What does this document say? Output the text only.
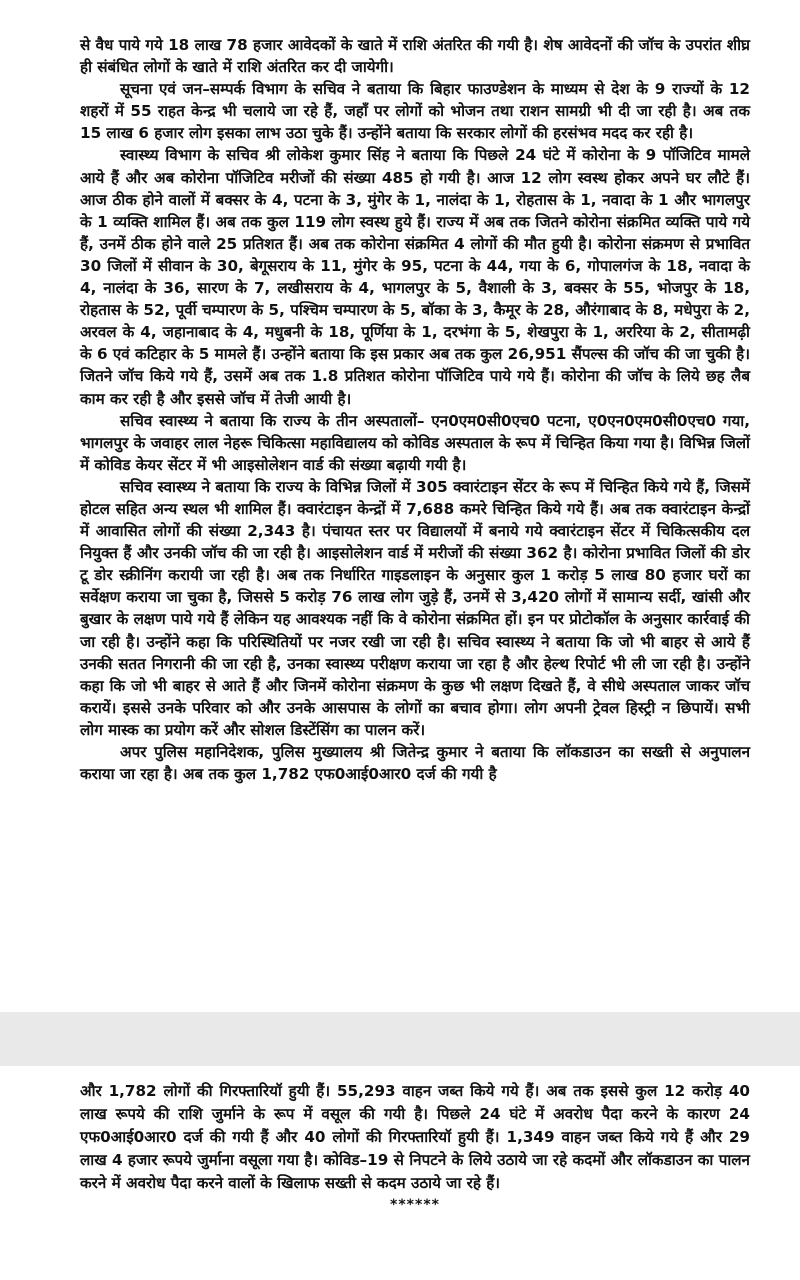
से वैध पाये गये 18 लाख 78 हजार आवेदकों के खाते में राशि अंतरित की गयी है। शेष आवेदनों की जॉच के उपरांत शीघ्र ही संबंधित लोगों के खाते में राशि अंतरित कर दी जायेगी।

सूचना एवं जन–सम्पर्क विभाग के सचिव ने बताया कि बिहार फाउण्डेशन के माध्यम से देश के 9 राज्यों के 12 शहरों में 55 राहत केन्द्र भी चलाये जा रहे हैं, जहॉं पर लोगों को भोजन तथा राशन सामग्री भी दी जा रही है। अब तक 15 लाख 6 हजार लोग इसका लाभ उठा चुके हैं। उन्होंने बताया कि सरकार लोगों की हरसंभव मदद कर रही है।

स्वास्थ्य विभाग के सचिव श्री लोकेश कुमार सिंह ने बताया कि पिछले 24 घंटे में कोरोना के 9 पॉजिटिव मामले आये हैं और अब कोरोना पॉजिटिव मरीजों की संख्या 485 हो गयी है। आज 12 लोग स्वस्थ होकर अपने घर लौटे हैं। आज ठीक होने वालों में बक्सर के 4, पटना के 3, मुंगेर के 1, नालंदा के 1, रोहतास के 1, नवादा के 1 और भागलपुर के 1 व्यक्ति शामिल हैं। अब तक कुल 119 लोग स्वस्थ हुये हैं। राज्य में अब तक जितने कोरोना संक्रमित व्यक्ति पाये गये हैं, उनमें ठीक होने वाले 25 प्रतिशत हैं। अब तक कोरोना संक्रमित 4 लोगों की मौत हुयी है। कोरोना संक्रमण से प्रभावित 30 जिलों में सीवान के 30, बेगूसराय के 11, मुंगेर के 95, पटना के 44, गया के 6, गोपालगंज के 18, नवादा के 4, नालंदा के 36, सारण के 7, लखीसराय के 4, भागलपुर के 5, वैशाली के 3, बक्सर के 55, भोजपुर के 18, रोहतास के 52, पूर्वी चम्पारण के 5, पश्चिम चम्पारण के 5, बॉका के 3, कैमूर के 28, औरंगाबाद के 8, मधेपुरा के 2, अरवल के 4, जहानाबाद के 4, मधुबनी के 18, पूर्णिया के 1, दरभंगा के 5, शेखपुरा के 1, अररिया के 2, सीतामढ़ी के 6 एवं कटिहार के 5 मामले हैं। उन्होंने बताया कि इस प्रकार अब तक कुल 26,951 सैंपल्स की जॉच की जा चुकी है। जितने जॉच किये गये हैं, उसमें अब तक 1.8 प्रतिशत कोरोना पॉजिटिव पाये गये हैं। कोरोना की जॉच के लिये छह लैब काम कर रही है और इससे जॉच में तेजी आयी है।

सचिव स्वास्थ्य ने बताया कि राज्य के तीन अस्पतालों– एन0एम0सी0एच0 पटना, ए0एन0एम0सी0एच0 गया, भागलपुर के जवाहर लाल नेहरू चिकित्सा महाविद्यालय को कोविड अस्पताल के रूप में चिन्हित किया गया है। विभिन्न जिलों में कोविड केयर सेंटर में भी आइसोलेशन वार्ड की संख्या बढ़ायी गयी है।

सचिव स्वास्थ्य ने बताया कि राज्य के विभिन्न जिलों में 305 क्वारंटाइन सेंटर के रूप में चिन्हित किये गये हैं, जिसमें होटल सहित अन्य स्थल भी शामिल हैं। क्वारंटाइन केन्द्रों में 7,688 कमरे चिन्हित किये गये हैं। अब तक क्वारंटाइन केन्द्रों में आवासित लोगों की संख्या 2,343 है। पंचायत स्तर पर विद्यालयों में बनाये गये क्वारंटाइन सेंटर में चिकित्सकीय दल नियुक्त हैं और उनकी जॉच की जा रही है। आइसोलेशन वार्ड में मरीजों की संख्या 362 है। कोरोना प्रभावित जिलों की डोर टू डोर स्क्रीनिंग करायी जा रही है। अब तक निर्धारित गाइडलाइन के अनुसार कुल 1 करोड़ 5 लाख 80 हजार घरों का सर्वेक्षण कराया जा चुका है, जिससे 5 करोड़ 76 लाख लोग जुड़े हैं, उनमें से 3,420 लोगों में सामान्य सर्दी, खांसी और बुखार के लक्षण पाये गये हैं लेकिन यह आवश्यक नहीं कि वे कोरोना संक्रमित हों। इन पर प्रोटोकॉल के अनुसार कार्रवाई की जा रही है। उन्होंने कहा कि परिस्थितियों पर नजर रखी जा रही है। सचिव स्वास्थ्य ने बताया कि जो भी बाहर से आये हैं उनकी सतत निगरानी की जा रही है, उनका स्वास्थ्य परीक्षण कराया जा रहा है और हेल्थ रिपोर्ट भी ली जा रही है। उन्होंने कहा कि जो भी बाहर से आते हैं और जिनमें कोरोना संक्रमण के कुछ भी लक्षण दिखते हैं, वे सीधे अस्पताल जाकर जॉच करायें। इससे उनके परिवार को और उनके आसपास के लोगों का बचाव होगा। लोग अपनी ट्रेवल हिस्ट्री न छिपायें। सभी लोग मास्क का प्रयोग करें और सोशल डिस्टेंसिंग का पालन करें।

अपर पुलिस महानिदेशक, पुलिस मुख्यालय श्री जितेन्द्र कुमार ने बताया कि लॉकडाउन का सख्ती से अनुपालन कराया जा रहा है। अब तक कुल 1,782 एफ0आई0आर0 दर्ज की गयी है

और 1,782 लोगों की गिरफ्तारियॉ हुयी हैं। 55,293 वाहन जब्त किये गये हैं। अब तक इससे कुल 12 करोड़ 40 लाख रूपये की राशि जुर्माने के रूप में वसूल की गयी है। पिछले 24 घंटे में अवरोध पैदा करने के कारण 24 एफ0आई0आर0 दर्ज की गयी हैं और 40 लोगों की गिरफ्तारियॉ हुयी हैं। 1,349 वाहन जब्त किये गये हैं और 29 लाख 4 हजार रूपये जुर्माना वसूला गया है। कोविड–19 से निपटने के लिये उठाये जा रहे कदमों और लॉकडाउन का पालन करने में अवरोध पैदा करने वालों के खिलाफ सख्ती से कदम उठाये जा रहे हैं।

******
